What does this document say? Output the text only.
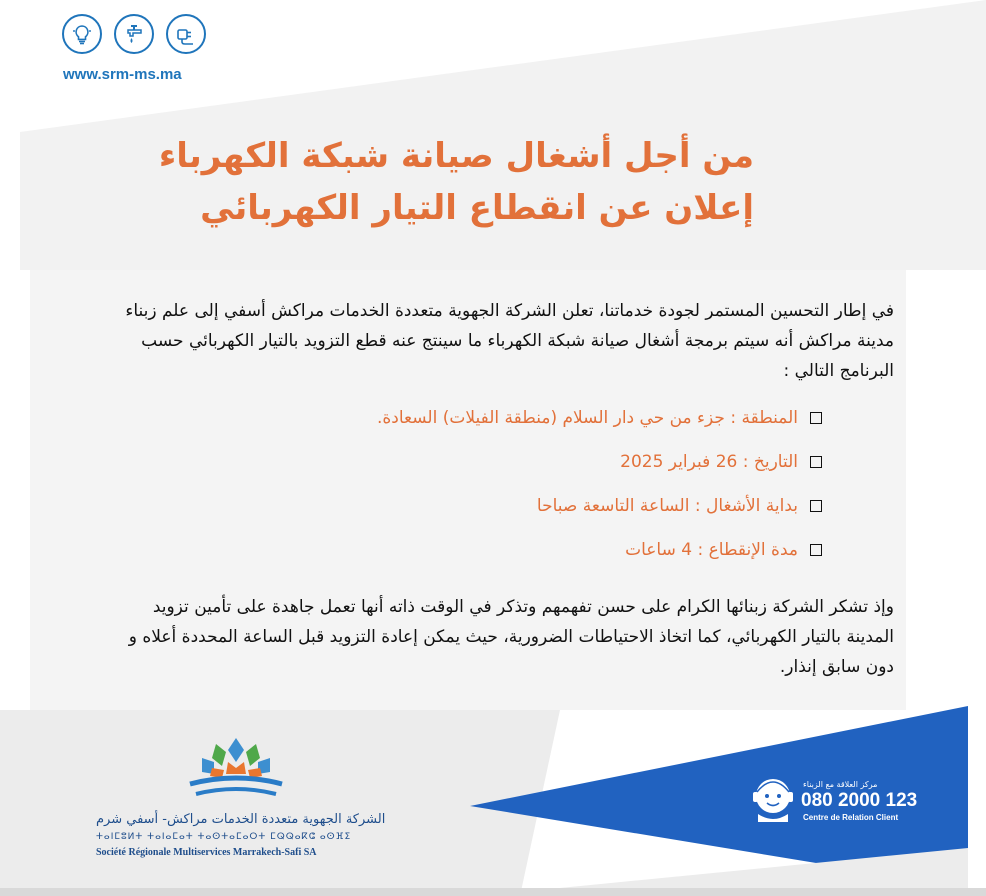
www.srm-ms.ma
من أجل أشغال صيانة شبكة الكهرباء
إعلان عن انقطاع التيار الكهربائي
في إطار التحسين المستمر لجودة خدماتنا، تعلن الشركة الجهوية متعددة الخدمات مراكش أسفي إلى علم زبناء مدينة مراكش أنه سيتم برمجة أشغال صيانة شبكة الكهرباء ما سينتج عنه قطع التزويد بالتيار الكهربائي حسب البرنامج التالي :
المنطقة : جزء من حي دار السلام (منطقة الفيلات) السعادة.
التاريخ : 26 فبراير 2025
بداية الأشغال : الساعة التاسعة صباحا
مدة الإنقطاع : 4 ساعات
وإذ تشكر الشركة زبنائها الكرام على حسن تفهمهم وتذكر في الوقت ذاته أنها تعمل جاهدة على تأمين تزويد المدينة بالتيار الكهربائي، كما اتخاذ الاحتياطات الضرورية، حيث يمكن إعادة التزويد قبل الساعة المحددة أعلاه و دون سابق إنذار.
الشركة الجهوية متعددة الخدمات مراكش- أسفي شرم
ⵜⴰⵏⵎⵓⵍⵜ ⵜⴰⵏⴰⵎⴰⵜ ⵜⴰⵙⵜⴰⵎⴰⵔⵜ ⵎⵕⵕⴰⴽⵛ ⴰⵙⴼⵉ
Société Régionale Multiservices Marrakech-Safi SA
مركز العلاقة مع الزبناء
080 2000 123
Centre de Relation Client
